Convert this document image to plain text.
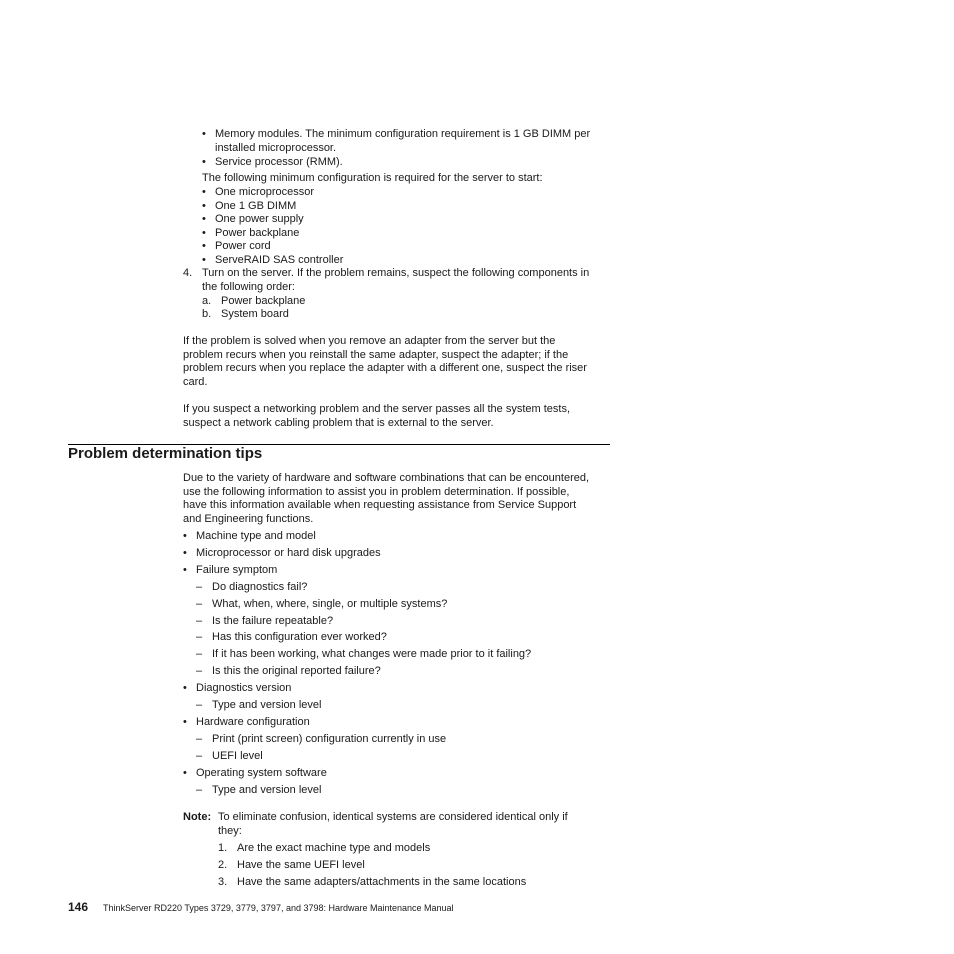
• Memory modules. The minimum configuration requirement is 1 GB DIMM per
installed microprocessor.
• Service processor (RMM).
The following minimum configuration is required for the server to start:
• One microprocessor
• One 1 GB DIMM
• One power supply
• Power backplane
• Power cord
• ServeRAID SAS controller
4. Turn on the server. If the problem remains, suspect the following components in
the following order:
a. Power backplane
b. System board
If the problem is solved when you remove an adapter from the server but the
problem recurs when you reinstall the same adapter, suspect the adapter; if the
problem recurs when you replace the adapter with a different one, suspect the riser
card.
If you suspect a networking problem and the server passes all the system tests,
suspect a network cabling problem that is external to the server.
Problem determination tips
Due to the variety of hardware and software combinations that can be encountered,
use the following information to assist you in problem determination. If possible,
have this information available when requesting assistance from Service Support
and Engineering functions.
• Machine type and model
• Microprocessor or hard disk upgrades
• Failure symptom
– Do diagnostics fail?
– What, when, where, single, or multiple systems?
– Is the failure repeatable?
– Has this configuration ever worked?
– If it has been working, what changes were made prior to it failing?
– Is this the original reported failure?
• Diagnostics version
– Type and version level
• Hardware configuration
– Print (print screen) configuration currently in use
– UEFI level
• Operating system software
– Type and version level
Note: To eliminate confusion, identical systems are considered identical only if
they:
1. Are the exact machine type and models
2. Have the same UEFI level
3. Have the same adapters/attachments in the same locations
146 ThinkServer RD220 Types 3729, 3779, 3797, and 3798: Hardware Maintenance Manual
